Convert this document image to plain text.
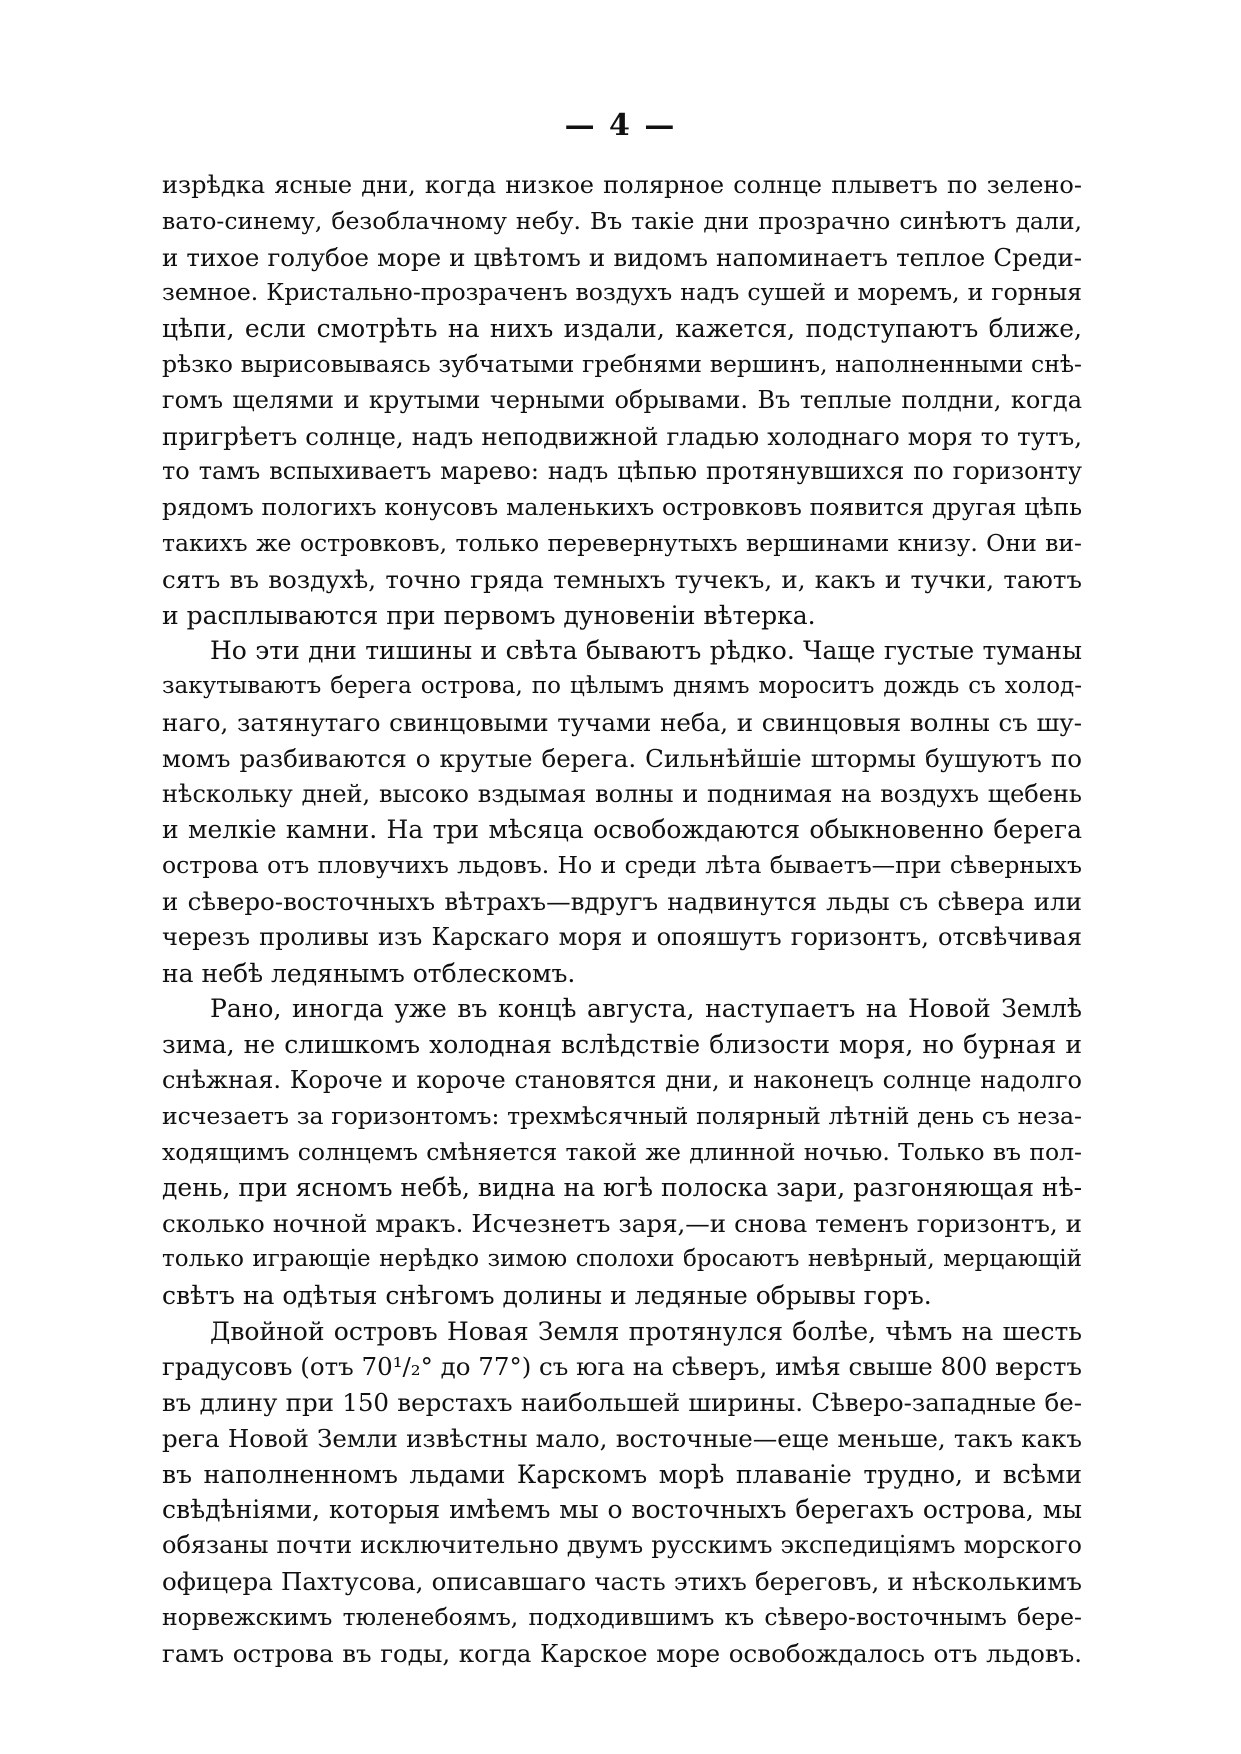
— 4 —
изрѣдка ясные дни, когда низкое полярное солнце плыветъ по зелено-
вато-синему, безоблачному небу. Въ такіе дни прозрачно синѣютъ дали,
и тихое голубое море и цвѣтомъ и видомъ напоминаетъ теплое Среди-
земное. Кристально-прозраченъ воздухъ надъ сушей и моремъ, и горныя
цѣпи, если смотрѣть на нихъ издали, кажется, подступаютъ ближе,
рѣзко вырисовываясь зубчатыми гребнями вершинъ, наполненными снѣ-
гомъ щелями и крутыми черными обрывами. Въ теплые полдни, когда
пригрѣетъ солнце, надъ неподвижной гладью холоднаго моря то тутъ,
то тамъ вспыхиваетъ марево: надъ цѣпью протянувшихся по горизонту
рядомъ пологихъ конусовъ маленькихъ островковъ появится другая цѣпь
такихъ же островковъ, только перевернутыхъ вершинами книзу. Они ви-
сятъ въ воздухѣ, точно гряда темныхъ тучекъ, и, какъ и тучки, таютъ
и расплываются при первомъ дуновеніи вѣтерка.
Но эти дни тишины и свѣта бываютъ рѣдко. Чаще густые туманы
закутываютъ берега острова, по цѣлымъ днямъ мороситъ дождь съ холод-
наго, затянутаго свинцовыми тучами неба, и свинцовыя волны съ шу-
момъ разбиваются о крутые берега. Сильнѣйшіе штормы бушуютъ по
нѣскольку дней, высоко вздымая волны и поднимая на воздухъ щебень
и мелкіе камни. На три мѣсяца освобождаются обыкновенно берега
острова отъ пловучихъ льдовъ. Но и среди лѣта бываетъ—при сѣверныхъ
и сѣверо-восточныхъ вѣтрахъ—вдругъ надвинутся льды съ сѣвера или
черезъ проливы изъ Карскаго моря и опояшутъ горизонтъ, отсвѣчивая
на небѣ ледянымъ отблескомъ.
Рано, иногда уже въ концѣ августа, наступаетъ на Новой Землѣ
зима, не слишкомъ холодная вслѣдствіе близости моря, но бурная и
снѣжная. Короче и короче становятся дни, и наконецъ солнце надолго
исчезаетъ за горизонтомъ: трехмѣсячный полярный лѣтній день съ неза-
ходящимъ солнцемъ смѣняется такой же длинной ночью. Только въ пол-
день, при ясномъ небѣ, видна на югѣ полоска зари, разгоняющая нѣ-
сколько ночной мракъ. Исчезнетъ заря,—и снова теменъ горизонтъ, и
только играющіе нерѣдко зимою сполохи бросаютъ невѣрный, мерцающій
свѣтъ на одѣтыя снѣгомъ долины и ледяные обрывы горъ.
Двойной островъ Новая Земля протянулся болѣе, чѣмъ на шесть
градусовъ (отъ 70¹/₂° до 77°) съ юга на сѣверъ, имѣя свыше 800 верстъ
въ длину при 150 верстахъ наибольшей ширины. Сѣверо-западные бе-
рега Новой Земли извѣстны мало, восточные—еще меньше, такъ какъ
въ наполненномъ льдами Карскомъ морѣ плаваніе трудно, и всѣми
свѣдѣніями, которыя имѣемъ мы о восточныхъ берегахъ острова, мы
обязаны почти исключительно двумъ русскимъ экспедиціямъ морского
офицера Пахтусова, описавшаго часть этихъ береговъ, и нѣсколькимъ
норвежскимъ тюленебоямъ, подходившимъ къ сѣверо-восточнымъ бере-
гамъ острова въ годы, когда Карское море освобождалось отъ льдовъ.
